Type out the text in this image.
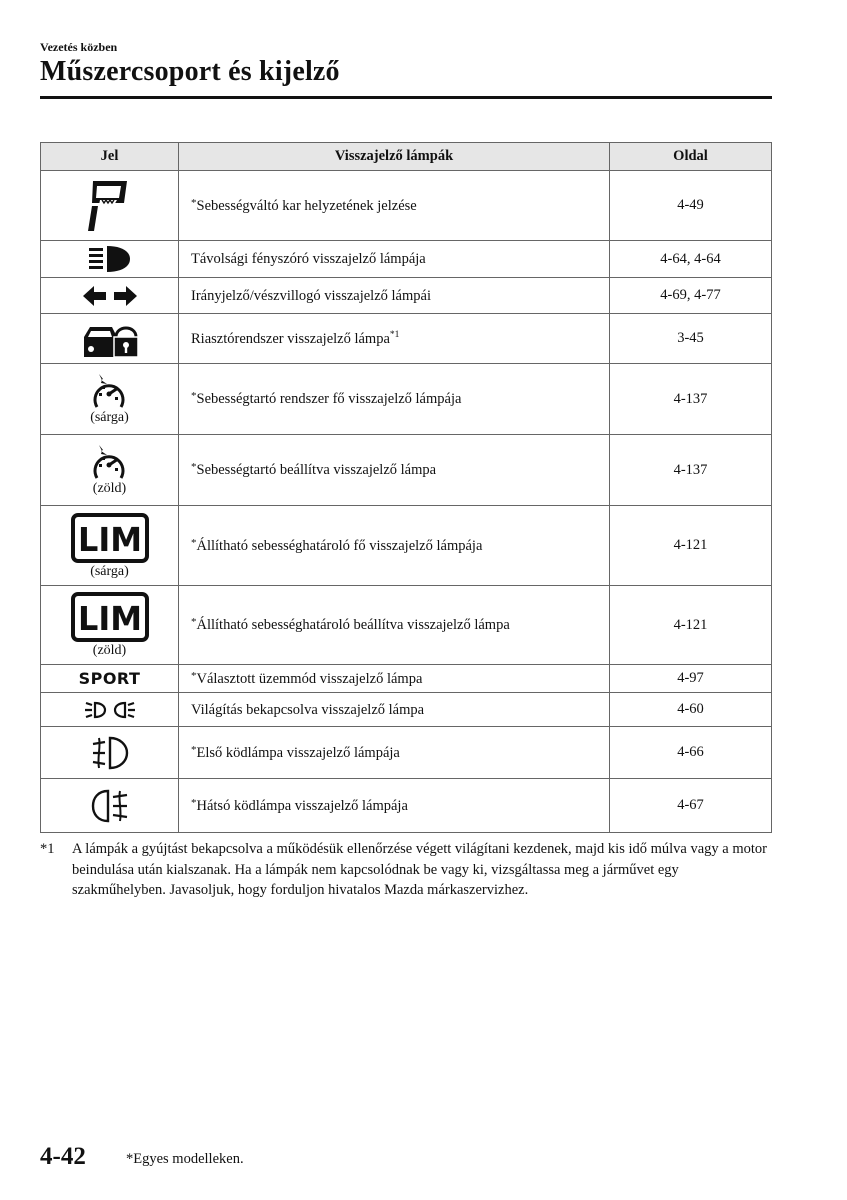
Vezetés közben
Műszercsoport és kijelző
Jel	Visszajelző lámpák	Oldal

	*Sebességváltó kar helyzetének jelzése	4-49

	Távolsági fényszóró visszajelző lámpája	4-64, 4-64

	Irányjelző/vészvillogó visszajelző lámpái	4-69, 4-77

	Riasztórendszer visszajelző lámpa$^{*1}$	3-45

(sárga)	*Sebességtartó rendszer fő visszajelző lámpája	4-137

(zöld)	*Sebességtartó beállítva visszajelző lámpa	4-137

LIM
(sárga)	*Állítható sebességhatároló fő visszajelző lámpája	4-121

LIM
(zöld)	*Állítható sebességhatároló beállítva visszajelző lámpa	4-121
SPORT	*Választott üzemmód visszajelző lámpa	4-97

	Világítás bekapcsolva visszajelző lámpa	4-60

	*Első ködlámpa visszajelző lámpája	4-66

	*Hátsó ködlámpa visszajelző lámpája	4-67
*1 A lámpák a gyújtást bekapcsolva a működésük ellenőrzése végett világítani kezdenek, majd kis idő múlva vagy a motor beindulása után kialszanak. Ha a lámpák nem kapcsolódnak be vagy ki, vizsgáltassa meg a járművet egy szakműhelyben. Javasoljuk, hogy forduljon hivatalos Mazda márkaszervizhez.
4-42	*Egyes modelleken.
